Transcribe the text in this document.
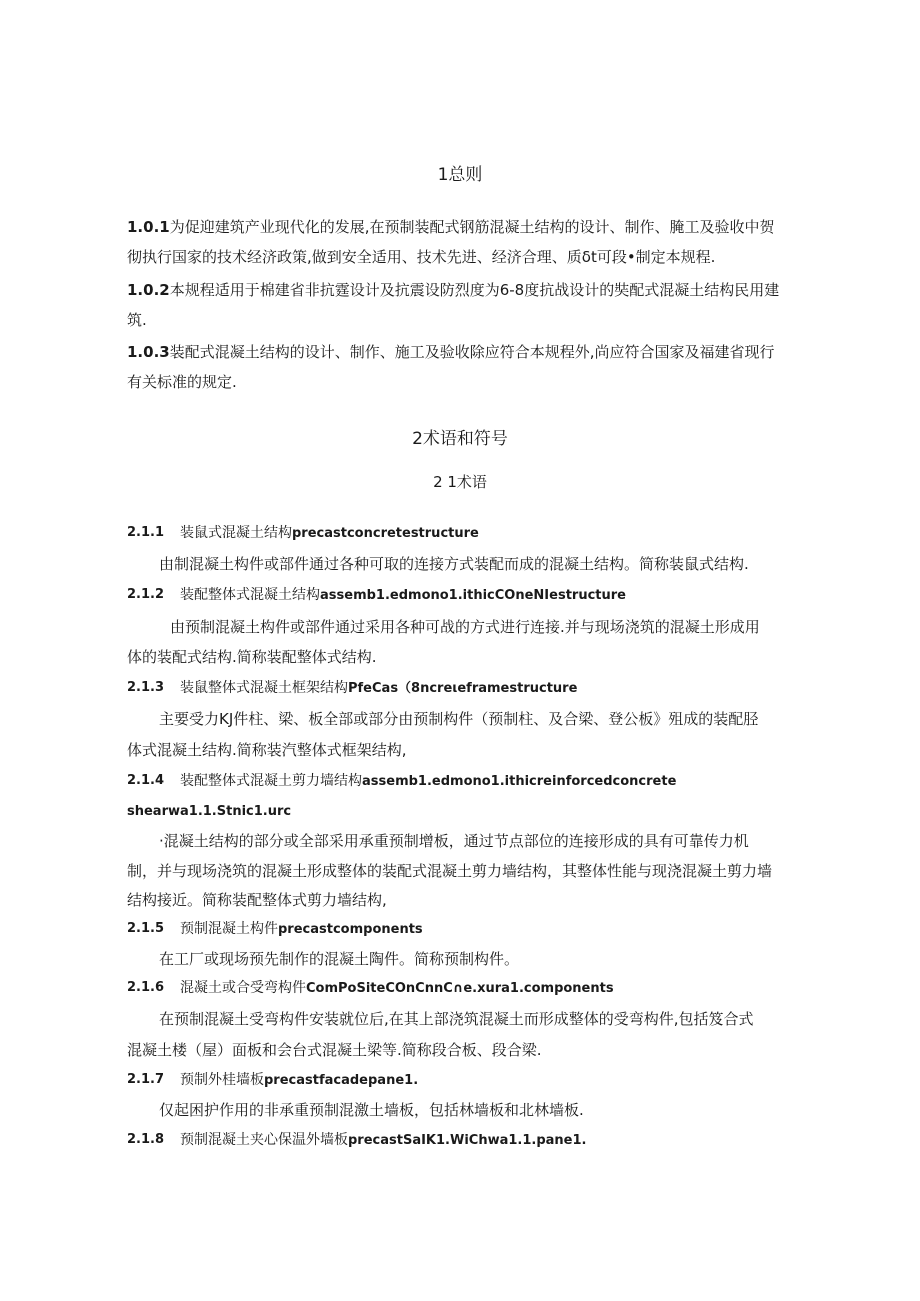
1总则
1.0.1为促迎建筑产业现代化的发展,在预制装配式钢筋混凝土结构的设计、制作、腌工及验收中贺
彻执行国家的技术经济政策,做到安全适用、技术先进、经济合理、质δt可段•制定本规程.
1.0.2本规程适用于棉建省非抗霆设计及抗震设防烈度为6-8度抗战设计的奘配式混凝土结构民用建
筑.
1.0.3装配式混凝土结构的设计、制作、施工及验收除应符合本规程外,尚应符合国家及福建省现行
有关标准的规定.
2术语和符号
2 1术语
2.1.1 装鼠式混凝土结构precastconcretestructure
由制混凝土构件或部件通过各种可取的连接方式装配而成的混凝土结构。简称装鼠式结构.
2.1.2 装配整体式混凝土结构assemb1.edmono1.ithicCOneNIestructure
由预制混凝土构件或部件通过采用各种可战的方式进行连接.并与现场浇筑的混凝土形成用
体的装配式结构.简称装配整体式结构.
2.1.3 装鼠整体式混凝土框架结构PfeCas（8ncreιeframestructure
主要受力KJ件柱、梁、板全部或部分由预制构件（预制柱、及合梁、登公板》殂成的装配胫
体式混凝土结构.简称装汽整体式框架结构,
2.1.4 装配整体式混凝土剪力墙结构assemb1.edmono1.ithicreinforcedconcrete
shearwa1.1.Stnic1.urc
·混凝土结构的部分或全部采用承重预制增板，通过节点部位的连接形成的具有可靠传力机
制，并与现场浇筑的混凝土形成整体的装配式混凝土剪力墙结构，其整体性能与现浇混凝土剪力墙
结构接近。简称装配整体式剪力墙结构,
2.1.5 预制混凝土构件precastcomponents
在工厂或现场预先制作的混凝土陶件。简称预制构件。
2.1.6 混凝土或合受弯构件ComPoSiteCOnCnnC∩e.xura1.components
在预制混凝土受弯构件安装就位后,在其上部浇筑混凝土而形成整体的受弯构件,包括笈合式
混凝土楼（屋）面板和会台式混凝土梁等.简称段合板、段合梁.
2.1.7 预制外桂墙板precastfacadepane1.
仅起困护作用的非承重预制混激土墙板，包括林墙板和北林墙板.
2.1.8 预制混凝土夹心保温外墙板precastSaIK1.WiChwa1.1.pane1.
